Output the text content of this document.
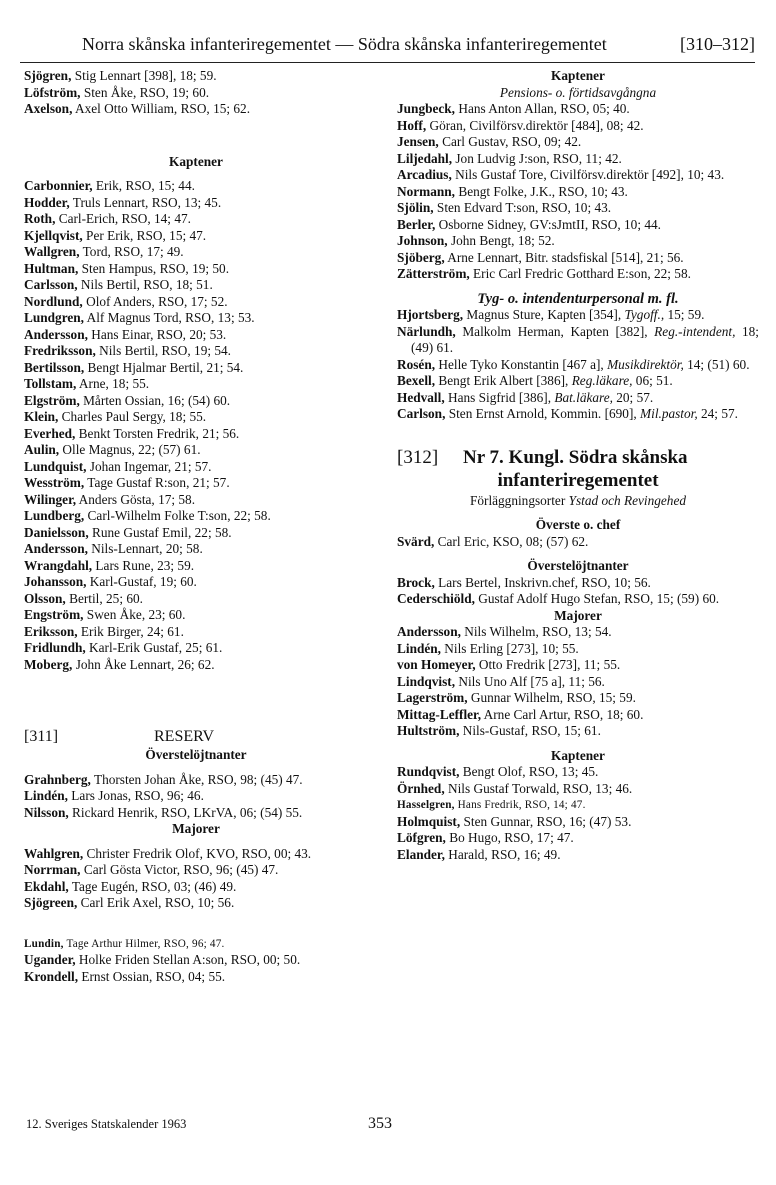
Norra skånska infanteriregementet — Södra skånska infanteriregementet	[310–312]
Sjögren, Stig Lennart [398], 18; 59.
Löfström, Sten Åke, RSO, 19; 60.
Axelson, Axel Otto William, RSO, 15; 62.
Kaptener
Carbonnier, Erik, RSO, 15; 44.
Hodder, Truls Lennart, RSO, 13; 45.
Roth, Carl-Erich, RSO, 14; 47.
Kjellqvist, Per Erik, RSO, 15; 47.
Wallgren, Tord, RSO, 17; 49.
Hultman, Sten Hampus, RSO, 19; 50.
Carlsson, Nils Bertil, RSO, 18; 51.
Nordlund, Olof Anders, RSO, 17; 52.
Lundgren, Alf Magnus Tord, RSO, 13; 53.
Andersson, Hans Einar, RSO, 20; 53.
Fredriksson, Nils Bertil, RSO, 19; 54.
Bertilsson, Bengt Hjalmar Bertil, 21; 54.
Tollstam, Arne, 18; 55.
Elgström, Mårten Ossian, 16; (54) 60.
Klein, Charles Paul Sergy, 18; 55.
Everhed, Benkt Torsten Fredrik, 21; 56.
Aulin, Olle Magnus, 22; (57) 61.
Lundquist, Johan Ingemar, 21; 57.
Wesström, Tage Gustaf R:son, 21; 57.
Wilinger, Anders Gösta, 17; 58.
Lundberg, Carl-Wilhelm Folke T:son, 22; 58.
Danielsson, Rune Gustaf Emil, 22; 58.
Andersson, Nils-Lennart, 20; 58.
Wrangdahl, Lars Rune, 23; 59.
Johansson, Karl-Gustaf, 19; 60.
Olsson, Bertil, 25; 60.
Engström, Swen Åke, 23; 60.
Eriksson, Erik Birger, 24; 61.
Fridlundh, Karl-Erik Gustaf, 25; 61.
Moberg, John Åke Lennart, 26; 62.
[311]	RESERV
Överstelöjtnanter
Grahnberg, Thorsten Johan Åke, RSO, 98; (45) 47.
Lindén, Lars Jonas, RSO, 96; 46.
Nilsson, Rickard Henrik, RSO, LKrVA, 06; (54) 55.
Majorer
Wahlgren, Christer Fredrik Olof, KVO, RSO, 00; 43.
Norrman, Carl Gösta Victor, RSO, 96; (45) 47.
Ekdahl, Tage Eugén, RSO, 03; (46) 49.
Sjögreen, Carl Erik Axel, RSO, 10; 56.
Lundin, Tage Arthur Hilmer, RSO, 96; 47.
Ugander, Holke Friden Stellan A:son, RSO, 00; 50.
Krondell, Ernst Ossian, RSO, 04; 55.
Kaptener
Pensions- o. förtidsavgångna
Jungbeck, Hans Anton Allan, RSO, 05; 40.
Hoff, Göran, Civilförsv.direktör [484], 08; 42.
Jensen, Carl Gustav, RSO, 09; 42.
Liljedahl, Jon Ludvig J:son, RSO, 11; 42.
Arcadius, Nils Gustaf Tore, Civilförsv.direktör [492], 10; 43.
Normann, Bengt Folke, J.K., RSO, 10; 43.
Sjölin, Sten Edvard T:son, RSO, 10; 43.
Berler, Osborne Sidney, GV:sJmtII, RSO, 10; 44.
Johnson, John Bengt, 18; 52.
Sjöberg, Arne Lennart, Bitr. stadsfiskal [514], 21; 56.
Zätterström, Eric Carl Fredric Gotthard E:son, 22; 58.
Tyg- o. intendenturpersonal m. fl.
Hjortsberg, Magnus Sture, Kapten [354], Tygoff., 15; 59.
Närlundh, Malkolm Herman, Kapten [382], Reg.-intendent, 18; (49) 61.
Rosén, Helle Tyko Konstantin [467 a], Musikdirektör, 14; (51) 60.
Bexell, Bengt Erik Albert [386], Reg.läkare, 06; 51.
Hedvall, Hans Sigfrid [386], Bat.läkare, 20; 57.
Carlson, Sten Ernst Arnold, Kommin. [690], Mil.pastor, 24; 57.
[312]	Nr 7. Kungl. Södra skånska
infanteriregementet
Förläggningsorter Ystad och Revingehed
Överste o. chef
Svärd, Carl Eric, KSO, 08; (57) 62.
Överstelöjtnanter
Brock, Lars Bertel, Inskrivn.chef, RSO, 10; 56.
Cederschiöld, Gustaf Adolf Hugo Stefan, RSO, 15; (59) 60.
Majorer
Andersson, Nils Wilhelm, RSO, 13; 54.
Lindén, Nils Erling [273], 10; 55.
von Homeyer, Otto Fredrik [273], 11; 55.
Lindqvist, Nils Uno Alf [75 a], 11; 56.
Lagerström, Gunnar Wilhelm, RSO, 15; 59.
Mittag-Leffler, Arne Carl Artur, RSO, 18; 60.
Hultström, Nils-Gustaf, RSO, 15; 61.
Kaptener
Rundqvist, Bengt Olof, RSO, 13; 45.
Örnhed, Nils Gustaf Torwald, RSO, 13; 46.
Hasselgren, Hans Fredrik, RSO, 14; 47.
Holmquist, Sten Gunnar, RSO, 16; (47) 53.
Löfgren, Bo Hugo, RSO, 17; 47.
Elander, Harald, RSO, 16; 49.
12. Sveriges Statskalender 1963	353
